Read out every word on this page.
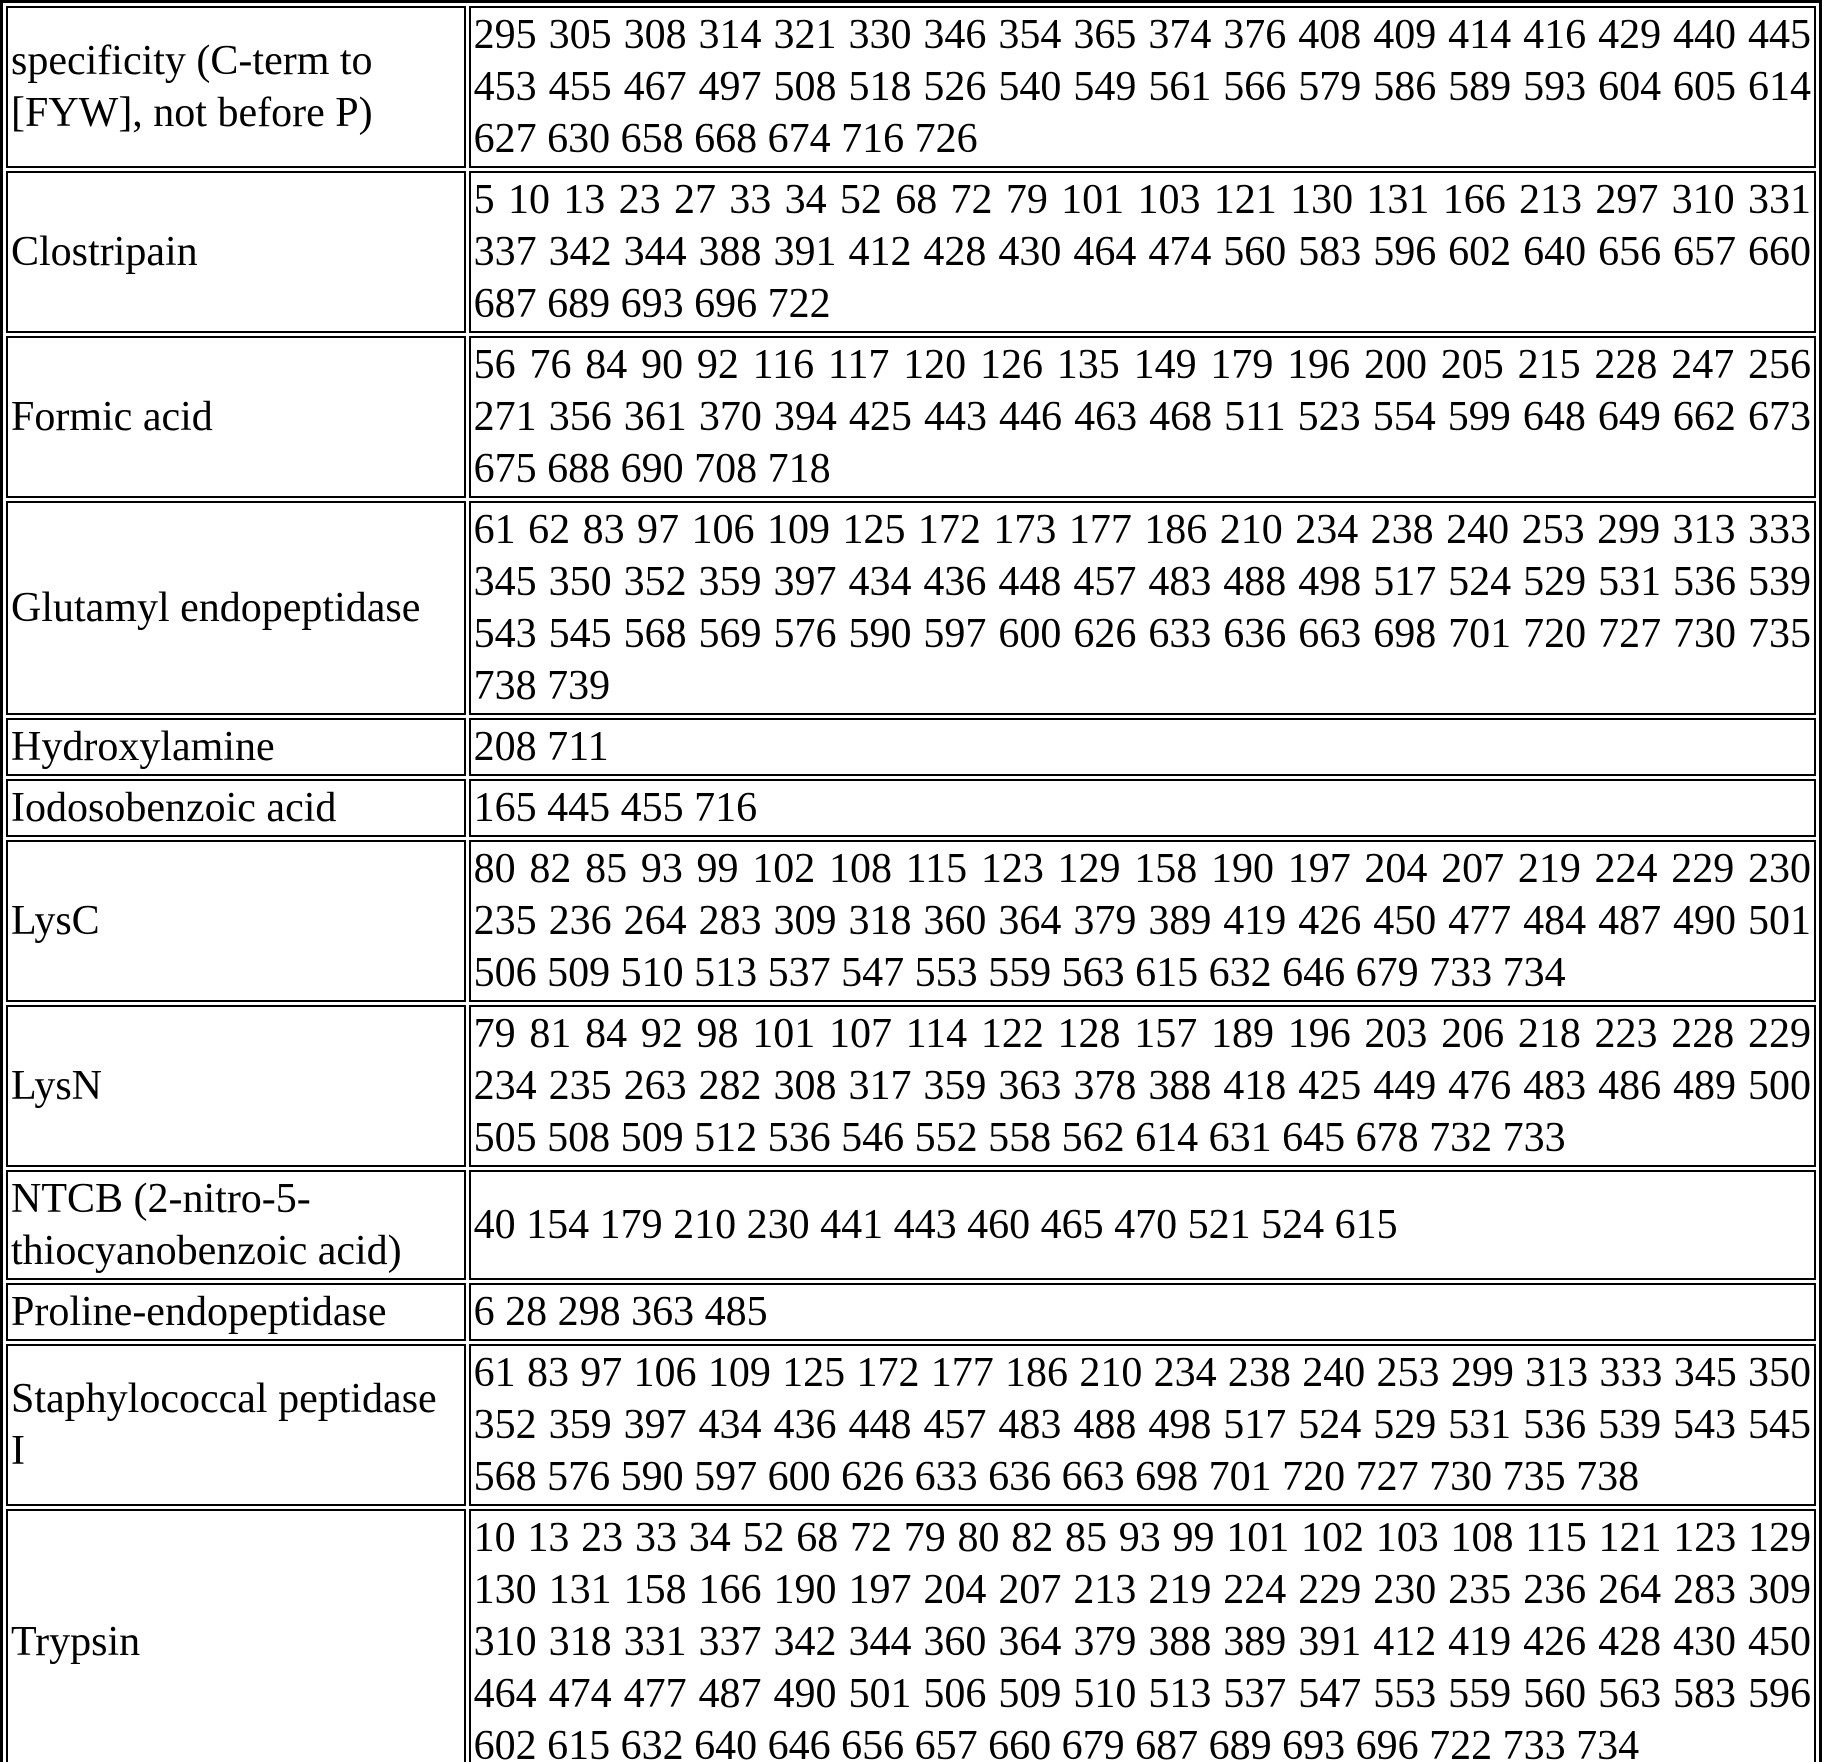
specificity (C-term to [FYW], not before P)	295 305 308 314 321 330 346 354 365 374 376 408 409 414 416 429 440 445 453 455 467 497 508 518 526 540 549 561 566 579 586 589 593 604 605 614 627 630 658 668 674 716 726
Clostripain	5 10 13 23 27 33 34 52 68 72 79 101 103 121 130 131 166 213 297 310 331 337 342 344 388 391 412 428 430 464 474 560 583 596 602 640 656 657 660 687 689 693 696 722
Formic acid	56 76 84 90 92 116 117 120 126 135 149 179 196 200 205 215 228 247 256 271 356 361 370 394 425 443 446 463 468 511 523 554 599 648 649 662 673 675 688 690 708 718
Glutamyl endopeptidase	61 62 83 97 106 109 125 172 173 177 186 210 234 238 240 253 299 313 333 345 350 352 359 397 434 436 448 457 483 488 498 517 524 529 531 536 539 543 545 568 569 576 590 597 600 626 633 636 663 698 701 720 727 730 735 738 739
Hydroxylamine	208 711
Iodosobenzoic acid	165 445 455 716
LysC	80 82 85 93 99 102 108 115 123 129 158 190 197 204 207 219 224 229 230 235 236 264 283 309 318 360 364 379 389 419 426 450 477 484 487 490 501 506 509 510 513 537 547 553 559 563 615 632 646 679 733 734
LysN	79 81 84 92 98 101 107 114 122 128 157 189 196 203 206 218 223 228 229 234 235 263 282 308 317 359 363 378 388 418 425 449 476 483 486 489 500 505 508 509 512 536 546 552 558 562 614 631 645 678 732 733
NTCB (2-nitro-5-thiocyanobenzoic acid)	40 154 179 210 230 441 443 460 465 470 521 524 615
Proline-endopeptidase	6 28 298 363 485
Staphylococcal peptidase I	61 83 97 106 109 125 172 177 186 210 234 238 240 253 299 313 333 345 350 352 359 397 434 436 448 457 483 488 498 517 524 529 531 536 539 543 545 568 576 590 597 600 626 633 636 663 698 701 720 727 730 735 738
Trypsin	10 13 23 33 34 52 68 72 79 80 82 85 93 99 101 102 103 108 115 121 123 129 130 131 158 166 190 197 204 207 213 219 224 229 230 235 236 264 283 309 310 318 331 337 342 344 360 364 379 388 389 391 412 419 426 428 430 450 464 474 477 487 490 501 506 509 510 513 537 547 553 559 560 563 583 596 602 615 632 640 646 656 657 660 679 687 689 693 696 722 733 734
